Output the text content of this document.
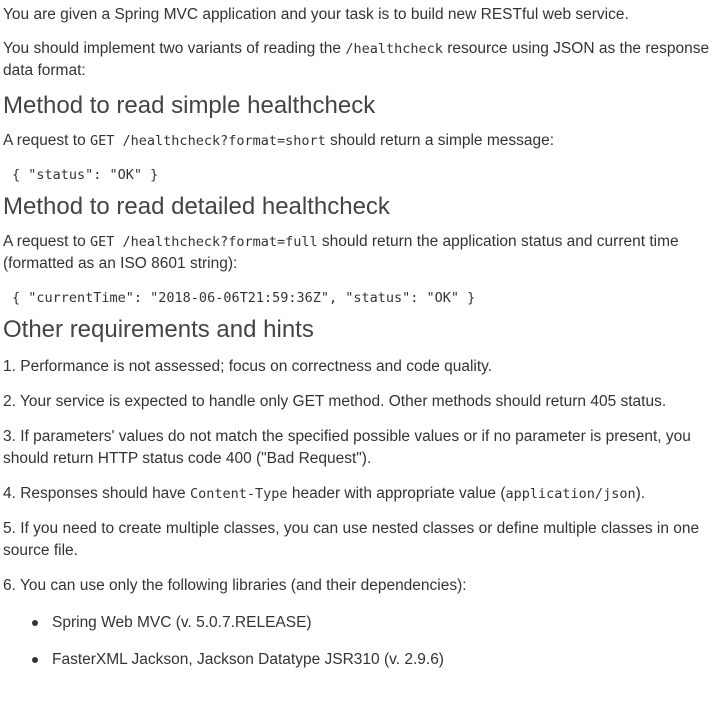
You are given a Spring MVC application and your task is to build new RESTful web service.

You should implement two variants of reading the /healthcheck resource using JSON as the response data format:

Method to read simple healthcheck

A request to GET /healthcheck?format=short should return a simple message:

{ "status": "OK" }
Method to read detailed healthcheck

A request to GET /healthcheck?format=full should return the application status and current time (formatted as an ISO 8601 string):

{ "currentTime": "2018-06-06T21:59:36Z", "status": "OK" }
Other requirements and hints
1. Performance is not assessed; focus on correctness and code quality.
2. Your service is expected to handle only GET method. Other methods should return 405 status.
3. If parameters' values do not match the specified possible values or if no parameter is present, you should return HTTP status code 400 ("Bad Request").
4. Responses should have Content-Type header with appropriate value (application/json).
5. If you need to create multiple classes, you can use nested classes or define multiple classes in one source file.
6. You can use only the following libraries (and their dependencies):
Spring Web MVC (v. 5.0.7.RELEASE)
FasterXML Jackson, Jackson Datatype JSR310 (v. 2.9.6)
